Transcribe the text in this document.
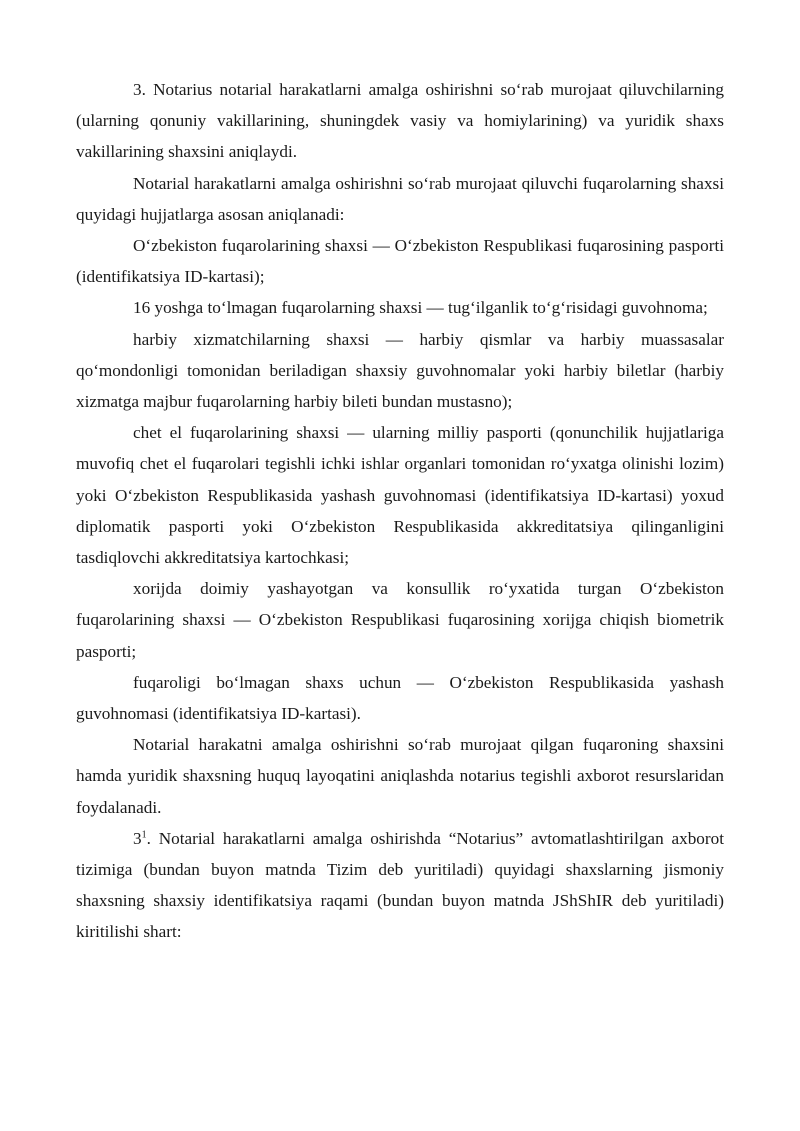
3. Notarius notarial harakatlarni amalga oshirishni so‘rab murojaat qiluvchilarning (ularning qonuniy vakillarining, shuningdek vasiy va homiylarining) va yuridik shaxs vakillarining shaxsini aniqlaydi.

Notarial harakatlarni amalga oshirishni so‘rab murojaat qiluvchi fuqarolarning shaxsi quyidagi hujjatlarga asosan aniqlanadi:

O‘zbekiston fuqarolarining shaxsi — O‘zbekiston Respublikasi fuqarosining pasporti (identifikatsiya ID-kartasi);

16 yoshga to‘lmagan fuqarolarning shaxsi — tug‘ilganlik to‘g‘risidagi guvohnoma;

harbiy xizmatchilarning shaxsi — harbiy qismlar va harbiy muassasalar qo‘mondonligi tomonidan beriladigan shaxsiy guvohnomalar yoki harbiy biletlar (harbiy xizmatga majbur fuqarolarning harbiy bileti bundan mustasno);

chet el fuqarolarining shaxsi — ularning milliy pasporti (qonunchilik hujjatlariga muvofiq chet el fuqarolari tegishli ichki ishlar organlari tomonidan ro‘yxatga olinishi lozim) yoki O‘zbekiston Respublikasida yashash guvohnomasi (identifikatsiya ID-kartasi) yoxud diplomatik pasporti yoki O‘zbekiston Respublikasida akkreditatsiya qilinganligini tasdiqlovchi akkreditatsiya kartochkasi;

xorijda doimiy yashayotgan va konsullik ro‘yxatida turgan O‘zbekiston fuqarolarining shaxsi — O‘zbekiston Respublikasi fuqarosining xorijga chiqish biometrik pasporti;

fuqaroligi bo‘lmagan shaxs uchun — O‘zbekiston Respublikasida yashash guvohnomasi (identifikatsiya ID-kartasi).

Notarial harakatni amalga oshirishni so‘rab murojaat qilgan fuqaroning shaxsini hamda yuridik shaxsning huquq layoqatini aniqlashda notarius tegishli axborot resurslaridan foydalanadi.

$3^1$. Notarial harakatlarni amalga oshirishda “Notarius” avtomatlashtirilgan axborot tizimiga (bundan buyon matnda Tizim deb yuritiladi) quyidagi shaxslarning jismoniy shaxsning shaxsiy identifikatsiya raqami (bundan buyon matnda JShShIR deb yuritiladi) kiritilishi shart:
